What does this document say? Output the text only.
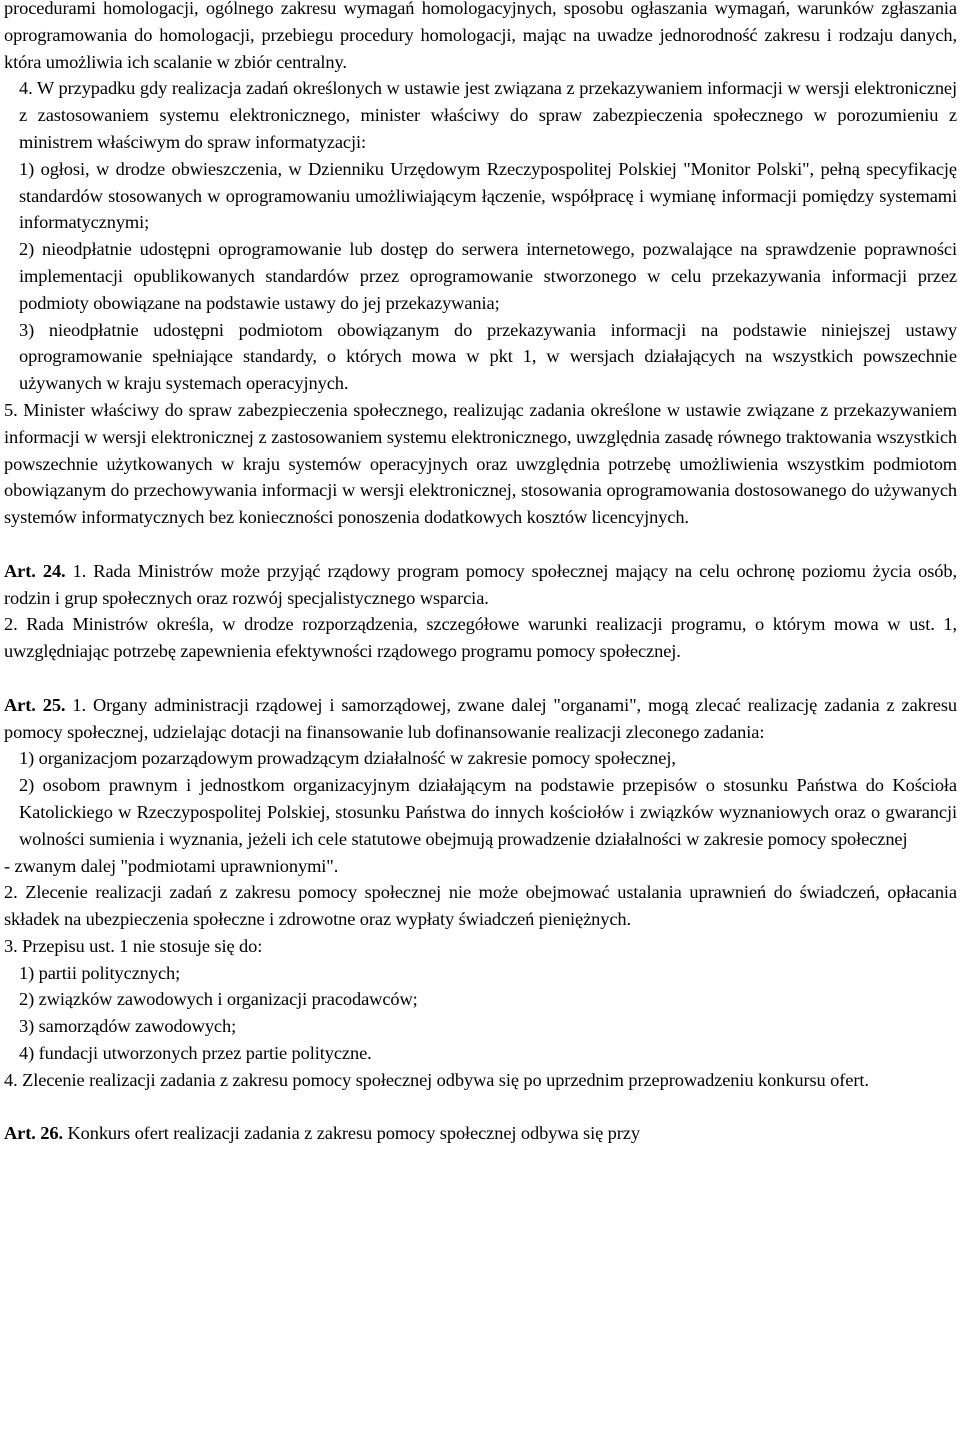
procedurami homologacji, ogólnego zakresu wymagań homologacyjnych, sposobu ogłaszania wymagań, warunków zgłaszania oprogramowania do homologacji, przebiegu procedury homologacji, mając na uwadze jednorodność zakresu i rodzaju danych, która umożliwia ich scalanie w zbiór centralny.

4. W przypadku gdy realizacja zadań określonych w ustawie jest związana z przekazywaniem informacji w wersji elektronicznej z zastosowaniem systemu elektronicznego, minister właściwy do spraw zabezpieczenia społecznego w porozumieniu z ministrem właściwym do spraw informatyzacji:

1) ogłosi, w drodze obwieszczenia, w Dzienniku Urzędowym Rzeczypospolitej Polskiej "Monitor Polski", pełną specyfikację standardów stosowanych w oprogramowaniu umożliwiającym łączenie, współpracę i wymianę informacji pomiędzy systemami informatycznymi;

2) nieodpłatnie udostępni oprogramowanie lub dostęp do serwera internetowego, pozwalające na sprawdzenie poprawności implementacji opublikowanych standardów przez oprogramowanie stworzonego w celu przekazywania informacji przez podmioty obowiązane na podstawie ustawy do jej przekazywania;

3) nieodpłatnie udostępni podmiotom obowiązanym do przekazywania informacji na podstawie niniejszej ustawy oprogramowanie spełniające standardy, o których mowa w pkt 1, w wersjach działających na wszystkich powszechnie używanych w kraju systemach operacyjnych.

5. Minister właściwy do spraw zabezpieczenia społecznego, realizując zadania określone w ustawie związane z przekazywaniem informacji w wersji elektronicznej z zastosowaniem systemu elektronicznego, uwzględnia zasadę równego traktowania wszystkich powszechnie użytkowanych w kraju systemów operacyjnych oraz uwzględnia potrzebę umożliwienia wszystkim podmiotom obowiązanym do przechowywania informacji w wersji elektronicznej, stosowania oprogramowania dostosowanego do używanych systemów informatycznych bez konieczności ponoszenia dodatkowych kosztów licencyjnych.

Art. 24. 1. Rada Ministrów może przyjąć rządowy program pomocy społecznej mający na celu ochronę poziomu życia osób, rodzin i grup społecznych oraz rozwój specjalistycznego wsparcia.

2. Rada Ministrów określa, w drodze rozporządzenia, szczegółowe warunki realizacji programu, o którym mowa w ust. 1, uwzględniając potrzebę zapewnienia efektywności rządowego programu pomocy społecznej.

Art. 25. 1. Organy administracji rządowej i samorządowej, zwane dalej "organami", mogą zlecać realizację zadania z zakresu pomocy społecznej, udzielając dotacji na finansowanie lub dofinansowanie realizacji zleconego zadania:

1) organizacjom pozarządowym prowadzącym działalność w zakresie pomocy społecznej,

2) osobom prawnym i jednostkom organizacyjnym działającym na podstawie przepisów o stosunku Państwa do Kościoła Katolickiego w Rzeczypospolitej Polskiej, stosunku Państwa do innych kościołów i związków wyznaniowych oraz o gwarancji wolności sumienia i wyznania, jeżeli ich cele statutowe obejmują prowadzenie działalności w zakresie pomocy społecznej

- zwanym dalej "podmiotami uprawnionymi".

2. Zlecenie realizacji zadań z zakresu pomocy społecznej nie może obejmować ustalania uprawnień do świadczeń, opłacania składek na ubezpieczenia społeczne i zdrowotne oraz wypłaty świadczeń pieniężnych.

3. Przepisu ust. 1 nie stosuje się do:

1) partii politycznych;

2) związków zawodowych i organizacji pracodawców;

3) samorządów zawodowych;

4) fundacji utworzonych przez partie polityczne.

4. Zlecenie realizacji zadania z zakresu pomocy społecznej odbywa się po uprzednim przeprowadzeniu konkursu ofert.

Art. 26. Konkurs ofert realizacji zadania z zakresu pomocy społecznej odbywa się przy
